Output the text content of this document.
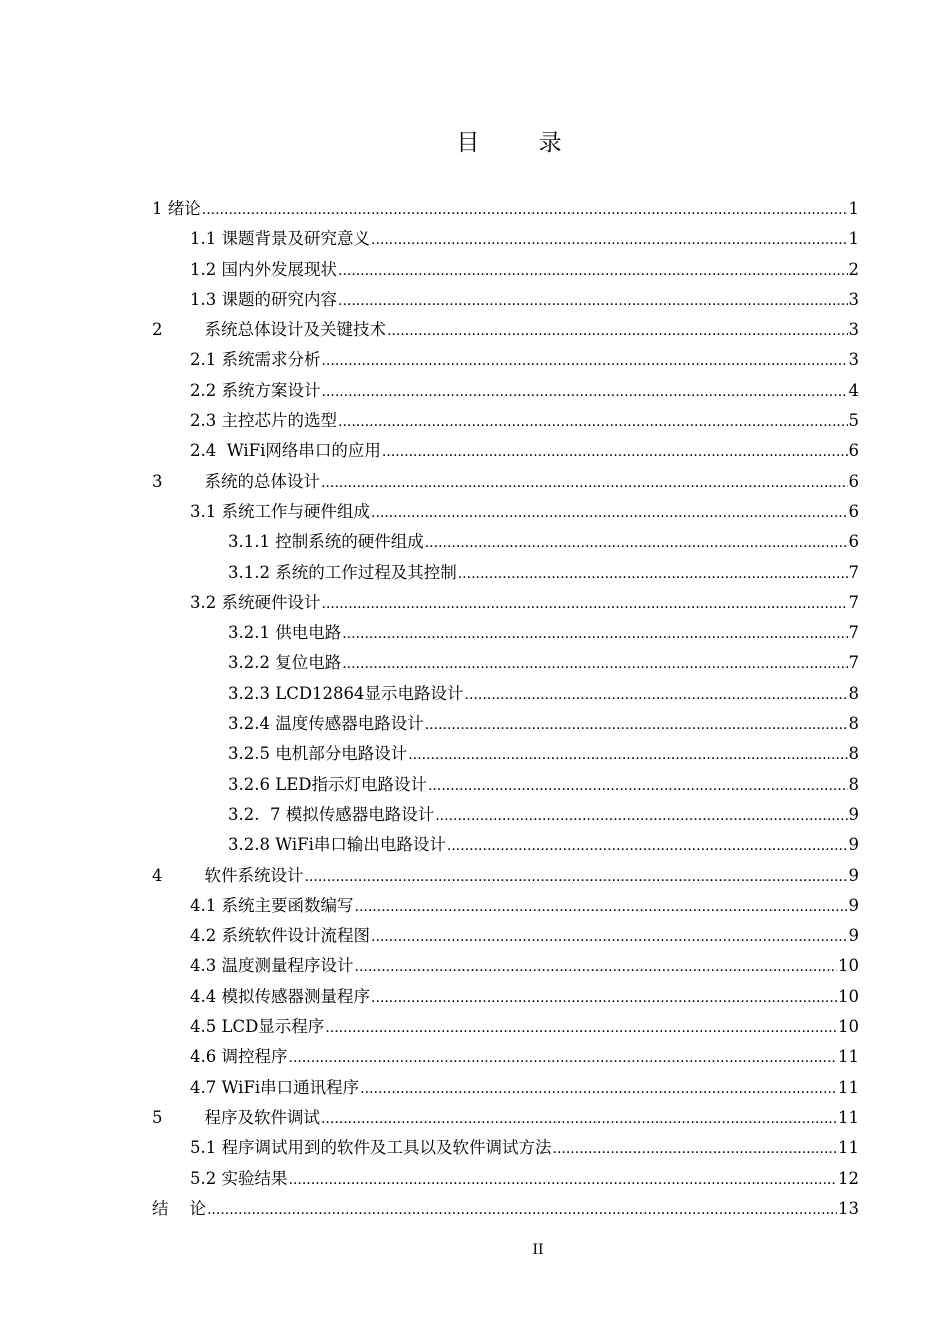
目 录
1 绪论 .....	1
1.1 课题背景及研究意义 .....	1
1.2 国内外发展现状 .....	2
1.3 课题的研究内容 .....	3
2 系统总体设计及关键技术 .....	3
2.1 系统需求分析 .....	3
2.2 系统方案设计 .....	4
2.3 主控芯片的选型 .....	5
2.4 WiFi网络串口的应用 .....	6
3 系统的总体设计 .....	6
3.1 系统工作与硬件组成 .....	6
3.1.1 控制系统的硬件组成 .....	6
3.1.2 系统的工作过程及其控制 .....	7
3.2 系统硬件设计 .....	7
3.2.1 供电电路 .....	7
3.2.2 复位电路 .....	7
3.2.3 LCD12864显示电路设计 .....	8
3.2.4 温度传感器电路设计 .....	8
3.2.5 电机部分电路设计 .....	8
3.2.6 LED指示灯电路设计 .....	8
3.2.  7 模拟传感器电路设计 .....	9
3.2.8 WiFi串口输出电路设计 .....	9
4 软件系统设计 .....	9
4.1 系统主要函数编写 .....	9
4.2 系统软件设计流程图 .....	9
4.3 温度测量程序设计 .....	10
4.4 模拟传感器测量程序 .....	10
4.5 LCD显示程序 .....	10
4.6 调控程序 .....	11
4.7 WiFi串口通讯程序 .....	11
5 程序及软件调试 .....	11
5.1 程序调试用到的软件及工具以及软件调试方法 .....	11
5.2 实验结果 .....	12
结    论 .....	13
II
